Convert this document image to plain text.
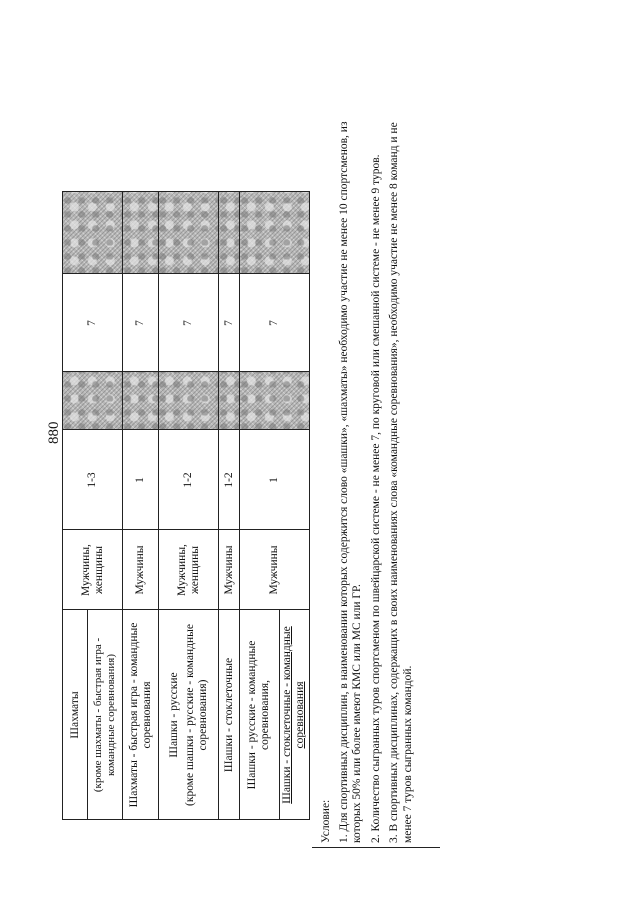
880
	Шахматы	Мужчины, женщины	1-3		7		
	(кроме шахматы - быстрая игра - командные соревнования)						
	Шахматы - быстрая игра - командные соревнования	Мужчины	1		7		

	Шашки - русские (кроме шашки - русские - командные соревнования)	Мужчины, женщины	1-2		7		
	Шашки - стоклеточные	Мужчины	1-2		7		
	Шашки - русские - командные соревнования,	Мужчины	1		7		
	Шашки - стоклеточные - командные соревнования						

Условие: 1. Для спортивных дисциплин, в наименовании которых содержится слово «шашки», «шахматы» необходимо участие не менее 10 спортсменов, из которых 50% или более имеют КМС или МС или ГР. 2. Количество сыгранных туров спортсменом по швейцарской системе - не менее 7, по круговой или смешанной системе - не менее 9 туров. 3. В спортивных дисциплинах, содержащих в своих наименованиях слова «командные соревнования», необходимо участие не менее 8 команд и не менее 7 туров сыгранных командой.
